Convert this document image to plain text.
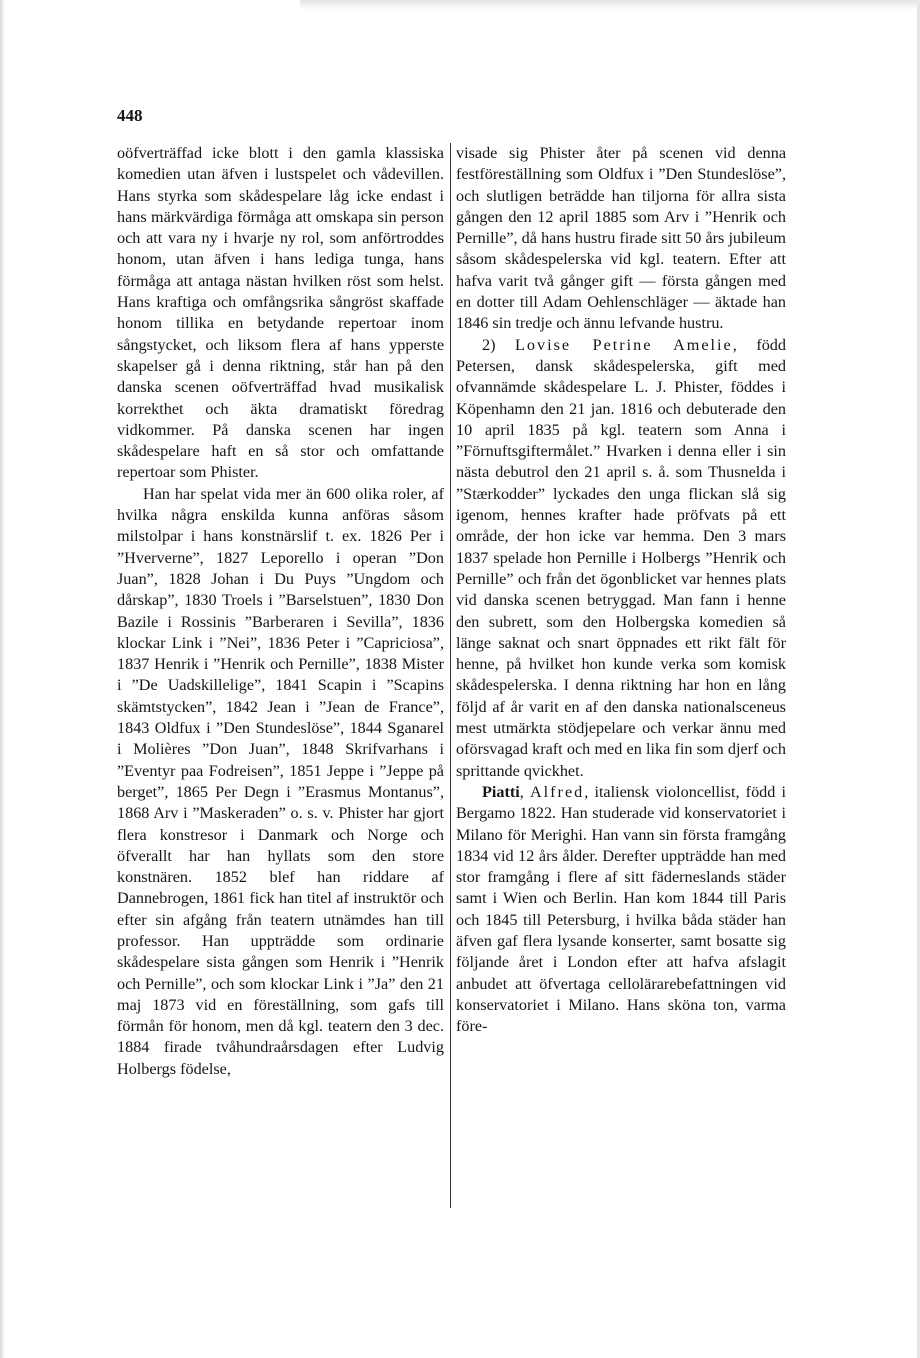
448

oöfverträffad icke blott i den gamla klassiska komedien utan äfven i lustspelet och vådevillen. Hans styrka som skådespelare låg icke endast i hans märkvärdiga förmåga att omskapa sin person och att vara ny i hvarje ny rol, som anförtroddes honom, utan äfven i hans lediga tunga, hans förmåga att antaga nästan hvilken röst som helst. Hans kraftiga och omfångsrika sångröst skaffade honom tillika en betydande repertoar inom sångstycket, och liksom flera af hans ypperste skapelser gå i denna riktning, står han på den danska scenen oöfverträffad hvad musikalisk korrekthet och äkta dramatiskt föredrag vidkommer. På danska scenen har ingen skådespelare haft en så stor och omfattande repertoar som Phister.

Han har spelat vida mer än 600 olika roler, af hvilka några enskilda kunna anföras såsom milstolpar i hans konstnärslif t. ex. 1826 Per i ”Hververne”, 1827 Leporello i operan ”Don Juan”, 1828 Johan i Du Puys ”Ungdom och dårskap”, 1830 Troels i ”Barselstuen”, 1830 Don Bazile i Rossinis ”Barberaren i Sevilla”, 1836 klockar Link i ”Nei”, 1836 Peter i ”Capriciosa”, 1837 Henrik i ”Henrik och Pernille”, 1838 Mister i ”De Uadskillelige”, 1841 Scapin i ”Scapins skämtstycken”, 1842 Jean i ”Jean de France”, 1843 Oldfux i ”Den Stundeslöse”, 1844 Sganarel i Molières ”Don Juan”, 1848 Skrifvarhans i ”Eventyr paa Fodreisen”, 1851 Jeppe i ”Jeppe på berget”, 1865 Per Degn i ”Erasmus Montanus”, 1868 Arv i ”Maskeraden” o. s. v. Phister har gjort flera konstresor i Danmark och Norge och öfverallt har han hyllats som den store konstnären. 1852 blef han riddare af Dannebrogen, 1861 fick han titel af instruktör och efter sin afgång från teatern utnämdes han till professor. Han uppträdde som ordinarie skådespelare sista gången som Henrik i ”Henrik och Pernille”, och som klockar Link i ”Ja” den 21 maj 1873 vid en föreställning, som gafs till förmån för honom, men då kgl. teatern den 3 dec. 1884 firade tvåhundraårsdagen efter Ludvig Holbergs födelse,

visade sig Phister åter på scenen vid denna festföreställning som Oldfux i ”Den Stundeslöse”, och slutligen beträdde han tiljorna för allra sista gången den 12 april 1885 som Arv i ”Henrik och Pernille”, då hans hustru firade sitt 50 års jubileum såsom skådespelerska vid kgl. teatern. Efter att hafva varit två gånger gift — första gången med en dotter till Adam Oehlenschläger — äktade han 1846 sin tredje och ännu lefvande hustru.

2) Lovise Petrine Amelie, född Petersen, dansk skådespelerska, gift med ofvannämde skådespelare L. J. Phister, föddes i Köpenhamn den 21 jan. 1816 och debuterade den 10 april 1835 på kgl. teatern som Anna i ”Förnuftsgiftermålet.” Hvarken i denna eller i sin nästa debutrol den 21 april s. å. som Thusnelda i ”Stærkodder” lyckades den unga flickan slå sig igenom, hennes krafter hade pröfvats på ett område, der hon icke var hemma. Den 3 mars 1837 spelade hon Pernille i Holbergs ”Henrik och Pernille” och från det ögonblicket var hennes plats vid danska scenen betryggad. Man fann i henne den subrett, som den Holbergska komedien så länge saknat och snart öppnades ett rikt fält för henne, på hvilket hon kunde verka som komisk skådespelerska. I denna riktning har hon en lång följd af år varit en af den danska nationalsceneus mest utmärkta stödjepelare och verkar ännu med oförsvagad kraft och med en lika fin som djerf och sprittande qvickhet.

Piatti, Alfred, italiensk violoncellist, född i Bergamo 1822. Han studerade vid konservatoriet i Milano för Merighi. Han vann sin första framgång 1834 vid 12 års ålder. Derefter uppträdde han med stor framgång i flere af sitt fäderneslands städer samt i Wien och Berlin. Han kom 1844 till Paris och 1845 till Petersburg, i hvilka båda städer han äfven gaf flera lysande konserter, samt bosatte sig följande året i London efter att hafva afslagit anbudet att öfvertaga cellolärarebefattningen vid konservatoriet i Milano. Hans sköna ton, varma före-
